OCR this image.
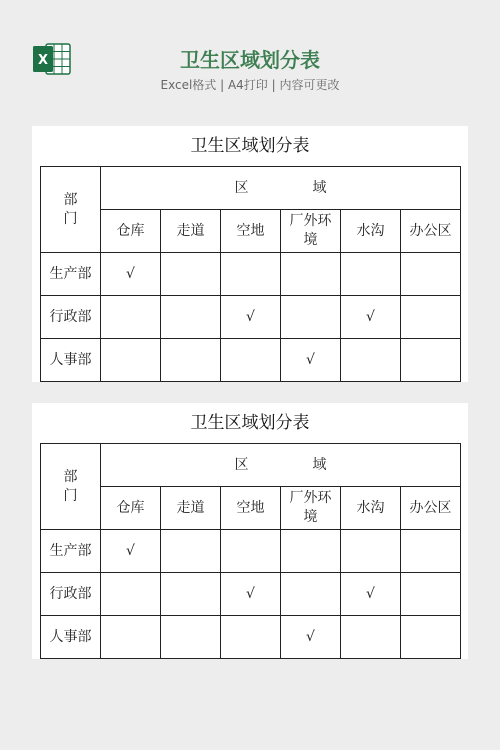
X	卫生区域划分表
Excel格式 | A4打印 | 内容可更改
卫生区域划分表
部门	区 域					
	仓库	走道	空地	厂外环境	水沟	办公区
生产部	√					
行政部			√		√	
人事部				√		
卫生区域划分表
部门	区 域					
	仓库	走道	空地	厂外环境	水沟	办公区
生产部	√					
行政部			√		√	
人事部				√		
